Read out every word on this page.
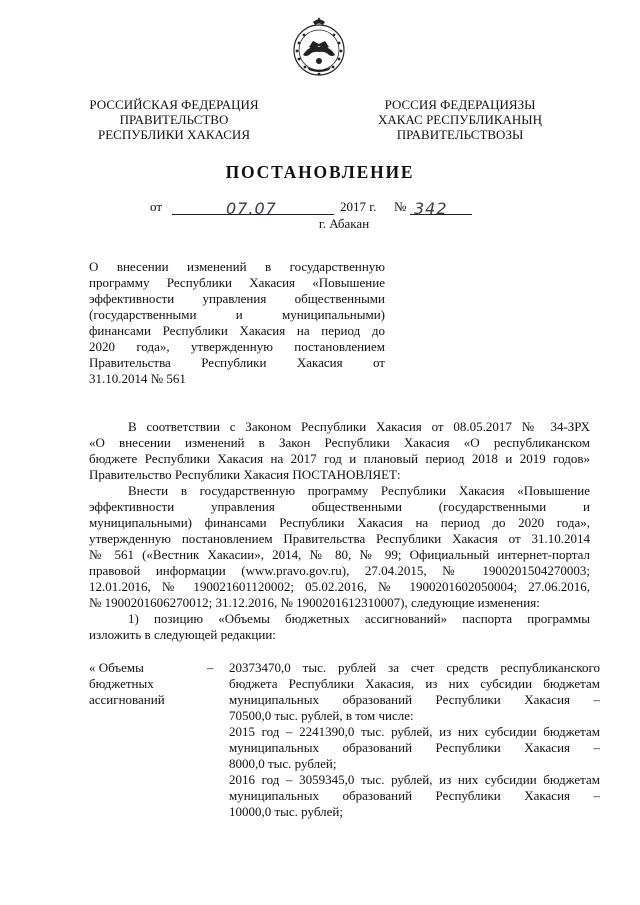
РОССИЙСКАЯ ФЕДЕРАЦИЯ
ПРАВИТЕЛЬСТВО
РЕСПУБЛИКИ ХАКАСИЯ
РОССИЯ ФЕДЕРАЦИЯЗЫ
ХАКАС РЕСПУБЛИКАНЫҢ
ПРАВИТЕЛЬСТВОЗЫ
ПОСТАНОВЛЕНИЕ
от	07.07	2017 г. № 342
г. Абакан
О внесении изменений в государственную
программу Республики Хакасия «Повышение
эффективности управления общественными
(государственными и муниципальными)
финансами Республики Хакасия на период до
2020 года», утвержденную постановлением
Правительства Республики Хакасия от
31.10.2014 № 561
В соответствии с Законом Республики Хакасия от 08.05.2017 № 34-ЗРХ
«О внесении изменений в Закон Республики Хакасия «О республиканском
бюджете Республики Хакасия на 2017 год и плановый период 2018 и 2019 годов»
Правительство Республики Хакасия ПОСТАНОВЛЯЕТ:
Внести в государственную программу Республики Хакасия «Повышение
эффективности управления общественными (государственными и
муниципальными) финансами Республики Хакасия на период до 2020 года»,
утвержденную постановлением Правительства Республики Хакасия от 31.10.2014
№ 561 («Вестник Хакасии», 2014, № 80, № 99; Официальный интернет-портал
правовой информации (www.pravo.gov.ru), 27.04.2015, № 1900201504270003;
12.01.2016, № 190021601120002; 05.02.2016, № 1900201602050004; 27.06.2016,
№ 1900201606270012; 31.12.2016, № 1900201612310007), следующие изменения:
1) позицию «Объемы бюджетных ассигнований» паспорта программы
изложить в следующей редакции:
« Объемы
бюджетных
ассигнований
–	20373470,0 тыс. рублей за счет средств республиканского
бюджета Республики Хакасия, из них субсидии бюджетам
муниципальных образований Республики Хакасия –
70500,0 тыс. рублей, в том числе:
2015 год – 2241390,0 тыс. рублей, из них субсидии бюджетам
муниципальных образований Республики Хакасия –
8000,0 тыс. рублей;
2016 год – 3059345,0 тыс. рублей, из них субсидии бюджетам
муниципальных образований Республики Хакасия –
10000,0 тыс. рублей;
